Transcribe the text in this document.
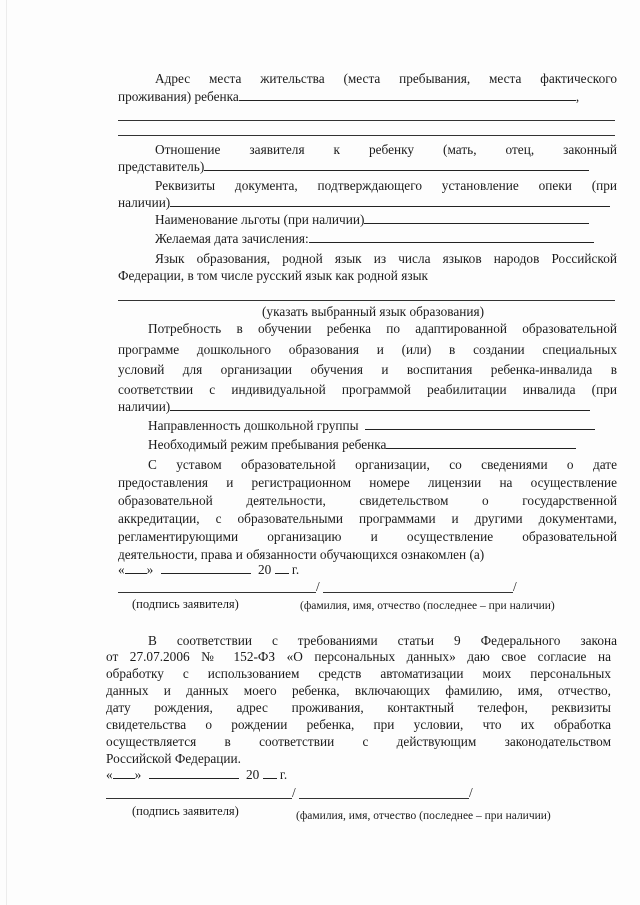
Адрес места жительства (места пребывания, места фактического
проживания) ребенка	,
Отношение заявителя к ребенку (мать, отец, законный
представитель)
Реквизиты документа, подтверждающего установление опеки (при
наличии)
Наименование льготы (при наличии)
Желаемая дата зачисления:
Язык образования, родной язык из числа языков народов Российской
Федерации, в том числе русский язык как родной язык
(указать выбранный язык образования)
Потребность в обучении ребенка по адаптированной образовательной
программе дошкольного образования и (или) в создании специальных
условий для организации обучения и воспитания ребенка-инвалида в
соответствии с индивидуальной программой реабилитации инвалида (при
наличии)
Направленность дошкольной группы
Необходимый режим пребывания ребенка
С уставом образовательной организации, со сведениями о дате
предоставления и регистрационном номере лицензии на осуществление
образовательной деятельности, свидетельством о государственной
аккредитации, с образовательными программами и другими документами,
регламентирующими организацию и осуществление образовательной
деятельности, права и обязанности обучающихся ознакомлен (а)
« »	20 г.
/	/
(подпись заявителя)	(фамилия, имя, отчество (последнее – при наличии)
В соответствии с требованиями статьи 9 Федерального закона
от 27.07.2006 № 152-ФЗ «О персональных данных» даю свое согласие на
обработку с использованием средств автоматизации моих персональных
данных и данных моего ребенка, включающих фамилию, имя, отчество,
дату рождения, адрес проживания, контактный телефон, реквизиты
свидетельства о рождении ребенка, при условии, что их обработка
осуществляется в соответствии с действующим законодательством
Российской Федерации.
« »	20 г.
/	/
(подпись заявителя)	(фамилия, имя, отчество (последнее – при наличии)
